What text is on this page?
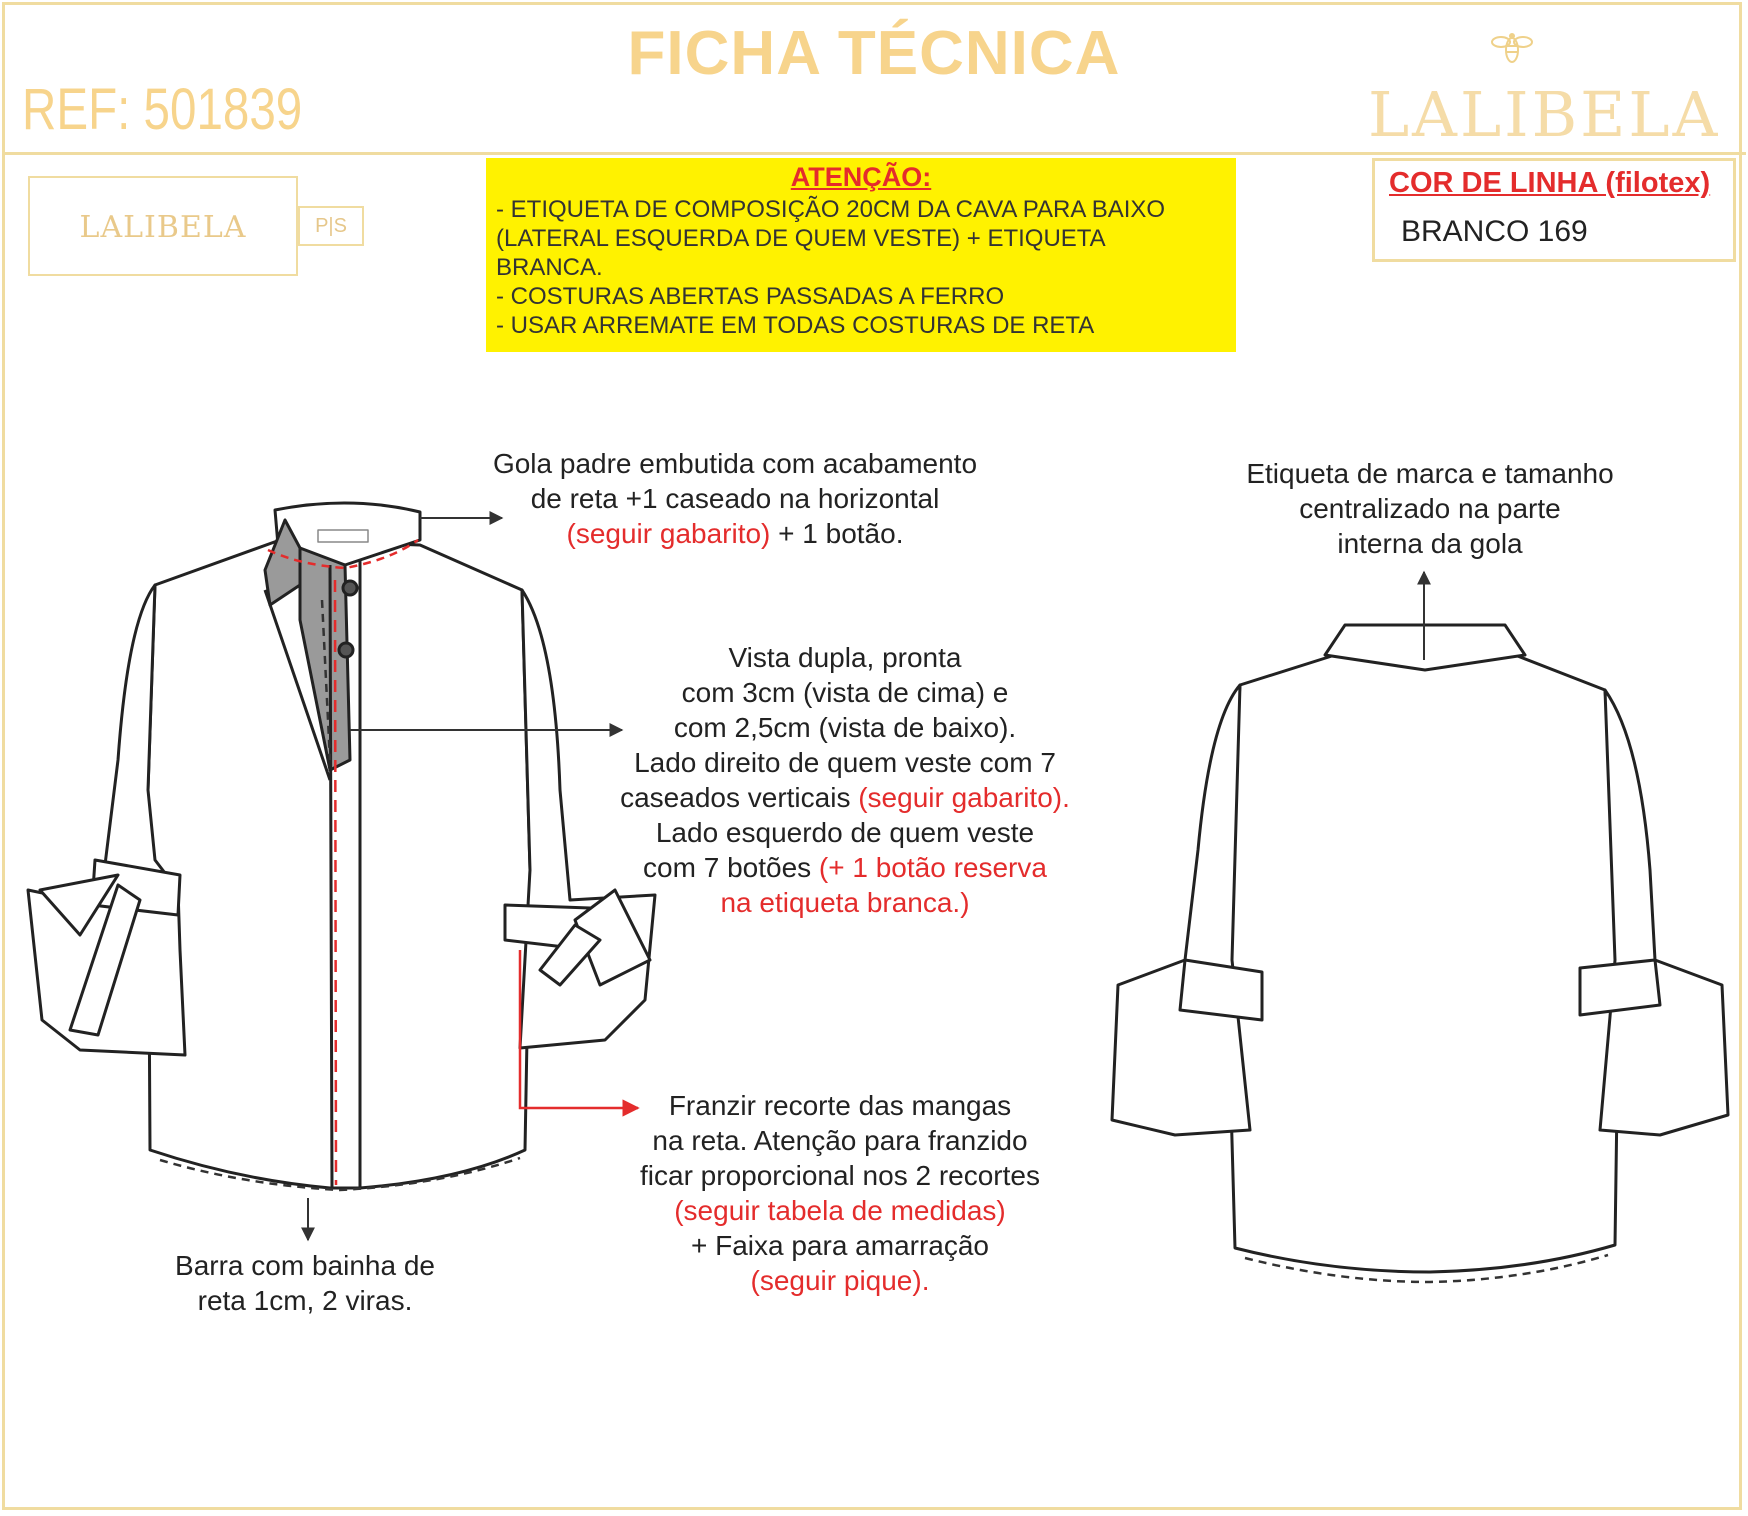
FICHA TÉCNICA
REF: 501839	LALIBELA
LALIBELA	P|S
ATENÇÃO:
- ETIQUETA DE COMPOSIÇÃO 20CM DA CAVA PARA BAIXO
(LATERAL ESQUERDA DE QUEM VESTE) + ETIQUETA
BRANCA.
- COSTURAS ABERTAS PASSADAS A FERRO
- USAR ARREMATE EM TODAS COSTURAS DE RETA
COR DE LINHA (filotex)
BRANCO 169
Gola padre embutida com acabamento
de reta +1 caseado na horizontal
(seguir gabarito) + 1 botão.
Vista dupla, pronta
com 3cm (vista de cima) e
com 2,5cm (vista de baixo).
Lado direito de quem veste com 7
caseados verticais (seguir gabarito).
Lado esquerdo de quem veste
com 7 botões (+ 1 botão reserva
na etiqueta branca.)
Franzir recorte das mangas
na reta. Atenção para franzido
ficar proporcional nos 2 recortes
(seguir tabela de medidas)
+ Faixa para amarração
(seguir pique).
Barra com bainha de
reta 1cm, 2 viras.
Etiqueta de marca e tamanho
centralizado na parte
interna da gola
